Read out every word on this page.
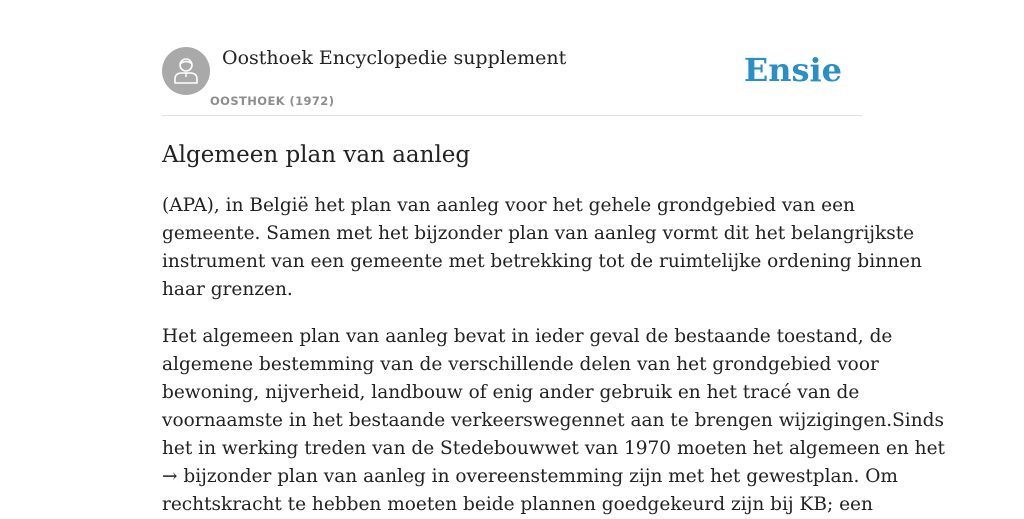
Oosthoek Encyclopedie supplement
OOSTHOEK (1972)
Ensie
Algemeen plan van aanleg

(APA), in België het plan van aanleg voor het gehele grondgebied van een
gemeente. Samen met het bijzonder plan van aanleg vormt dit het belangrijkste
instrument van een gemeente met betrekking tot de ruimtelijke ordening binnen
haar grenzen.

Het algemeen plan van aanleg bevat in ieder geval de bestaande toestand, de
algemene bestemming van de verschillende delen van het grondgebied voor
bewoning, nijverheid, landbouw of enig ander gebruik en het tracé van de
voornaamste in het bestaande verkeerswegennet aan te brengen wijzigingen.Sinds
het in werking treden van de Stedebouwwet van 1970 moeten het algemeen en het
→ bijzonder plan van aanleg in overeenstemming zijn met het gewestplan. Om
rechtskracht te hebben moeten beide plannen goedgekeurd zijn bij KB; een
